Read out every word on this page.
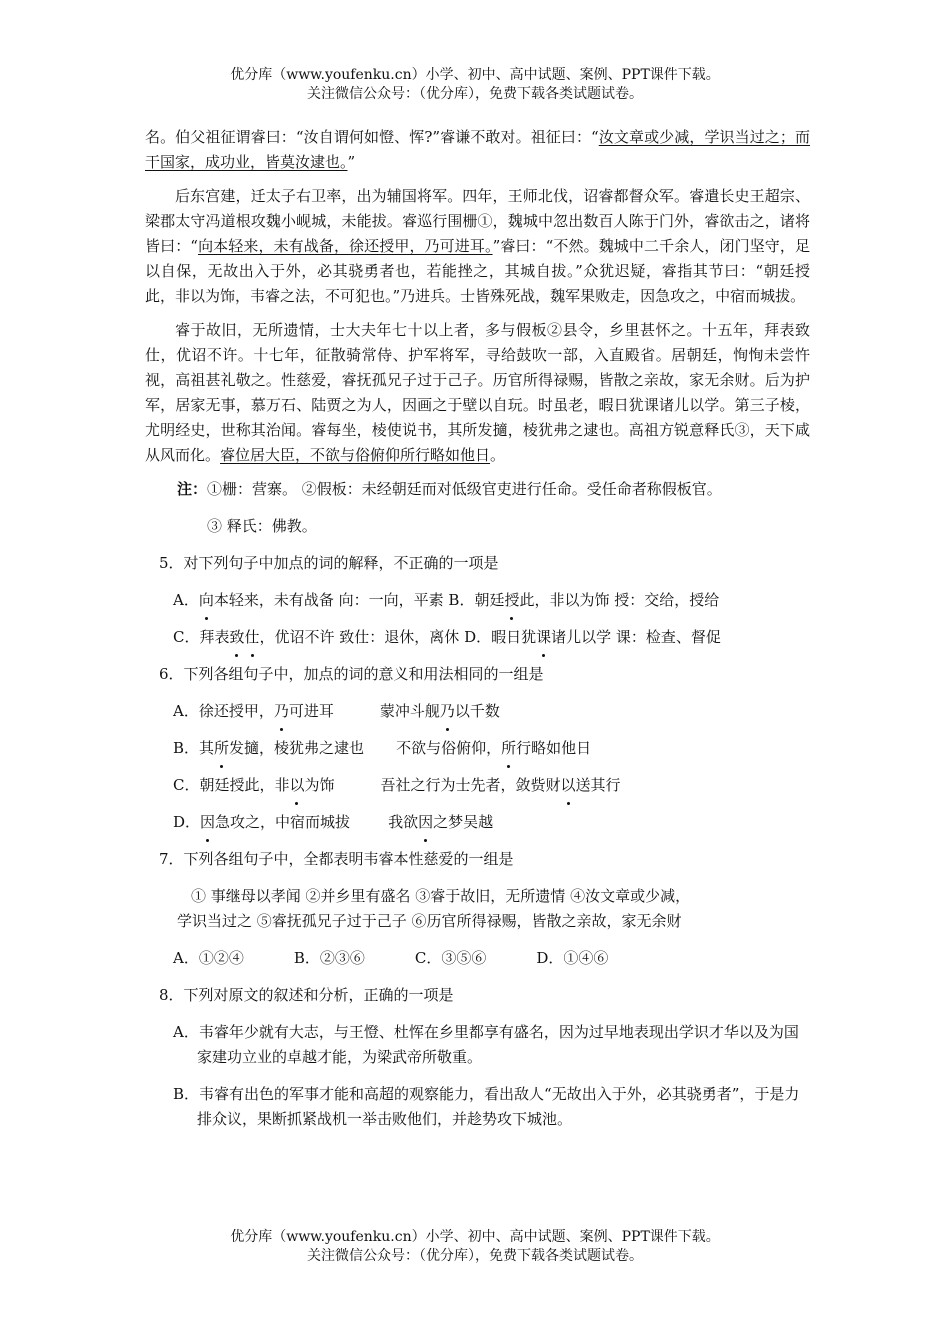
优分库（www.youfenku.cn）小学、初中、高中试题、案例、PPT课件下载。
关注微信公众号：（优分库），免费下载各类试题试卷。

名。伯父祖征谓睿曰：“汝自谓何如憕、恽?”睿谦不敢对。祖征曰：“汝文章或少减，学识当过之；而干国家，成功业，皆莫汝逮也。”

后东宫建，迁太子右卫率，出为辅国将军。四年，王师北伐，诏睿都督众军。睿遣长史王超宗、梁郡太守冯道根攻魏小岘城，未能拔。睿巡行围栅①，魏城中忽出数百人陈于门外，睿欲击之，诸将皆曰：“向本轻来，未有战备，徐还授甲，乃可进耳。”睿曰：“不然。魏城中二千余人，闭门坚守，足以自保，无故出入于外，必其骁勇者也，若能挫之，其城自拔。”众犹迟疑，睿指其节曰：“朝廷授此，非以为饰，韦睿之法，不可犯也。”乃进兵。士皆殊死战，魏军果败走，因急攻之，中宿而城拔。

睿于故旧，无所遗情，士大夫年七十以上者，多与假板②县令，乡里甚怀之。十五年，拜表致仕，优诏不许。十七年，征散骑常侍、护军将军，寻给鼓吹一部，入直殿省。居朝廷，恂恂未尝忤视，高祖甚礼敬之。性慈爱，睿抚孤兄子过于己子。历官所得禄赐，皆散之亲故，家无余财。后为护军，居家无事，慕万石、陆贾之为人，因画之于壁以自玩。时虽老，暇日犹课诸儿以学。第三子棱，尤明经史，世称其治闻。睿每坐，棱使说书，其所发擿，棱犹弗之逮也。高祖方锐意释氏③，天下咸从风而化。睿位居大臣，不欲与俗俯仰所行略如他日。

注：①栅：营寨。 ②假板：未经朝廷而对低级官吏进行任命。受任命者称假板官。

③ 释氏：佛教。

5．对下列句子中加点的词的解释，不正确的一项是

A．向本轻来，未有战备 向：一向，平素 B．朝廷授此，非以为饰 授：交给，授给

C．拜表致仕，优诏不许 致仕：退休，离休 D．暇日犹课诸儿以学 课：检查、督促

6．下列各组句子中，加点的词的意义和用法相同的一组是

A．徐还授甲，乃可进耳	蒙冲斗舰乃以千数

B．其所发擿，棱犹弗之逮也 不欲与俗俯仰，所行略如他日

C．朝廷授此，非以为饰	吾社之行为士先者，敛赀财以送其行

D．因急攻之，中宿而城拔	我欲因之梦吴越

7．下列各组句子中，全都表明韦睿本性慈爱的一组是

① 事继母以孝闻 ②并乡里有盛名 ③睿于故旧，无所遗情 ④汝文章或少减，
学识当过之 ⑤睿抚孤兄子过于己子 ⑥历官所得禄赐，皆散之亲故，家无余财

A．①②④	B．②③⑥	C．③⑤⑥	D．①④⑥

8．下列对原文的叙述和分析，正确的一项是

A．韦睿年少就有大志，与王憕、杜恽在乡里都享有盛名，因为过早地表现出学识才华以及为国家建功立业的卓越才能，为梁武帝所敬重。

B．韦睿有出色的军事才能和高超的观察能力，看出敌人“无故出入于外，必其骁勇者”，于是力排众议，果断抓紧战机一举击败他们，并趁势攻下城池。

优分库（www.youfenku.cn）小学、初中、高中试题、案例、PPT课件下载。
关注微信公众号：（优分库），免费下载各类试题试卷。
